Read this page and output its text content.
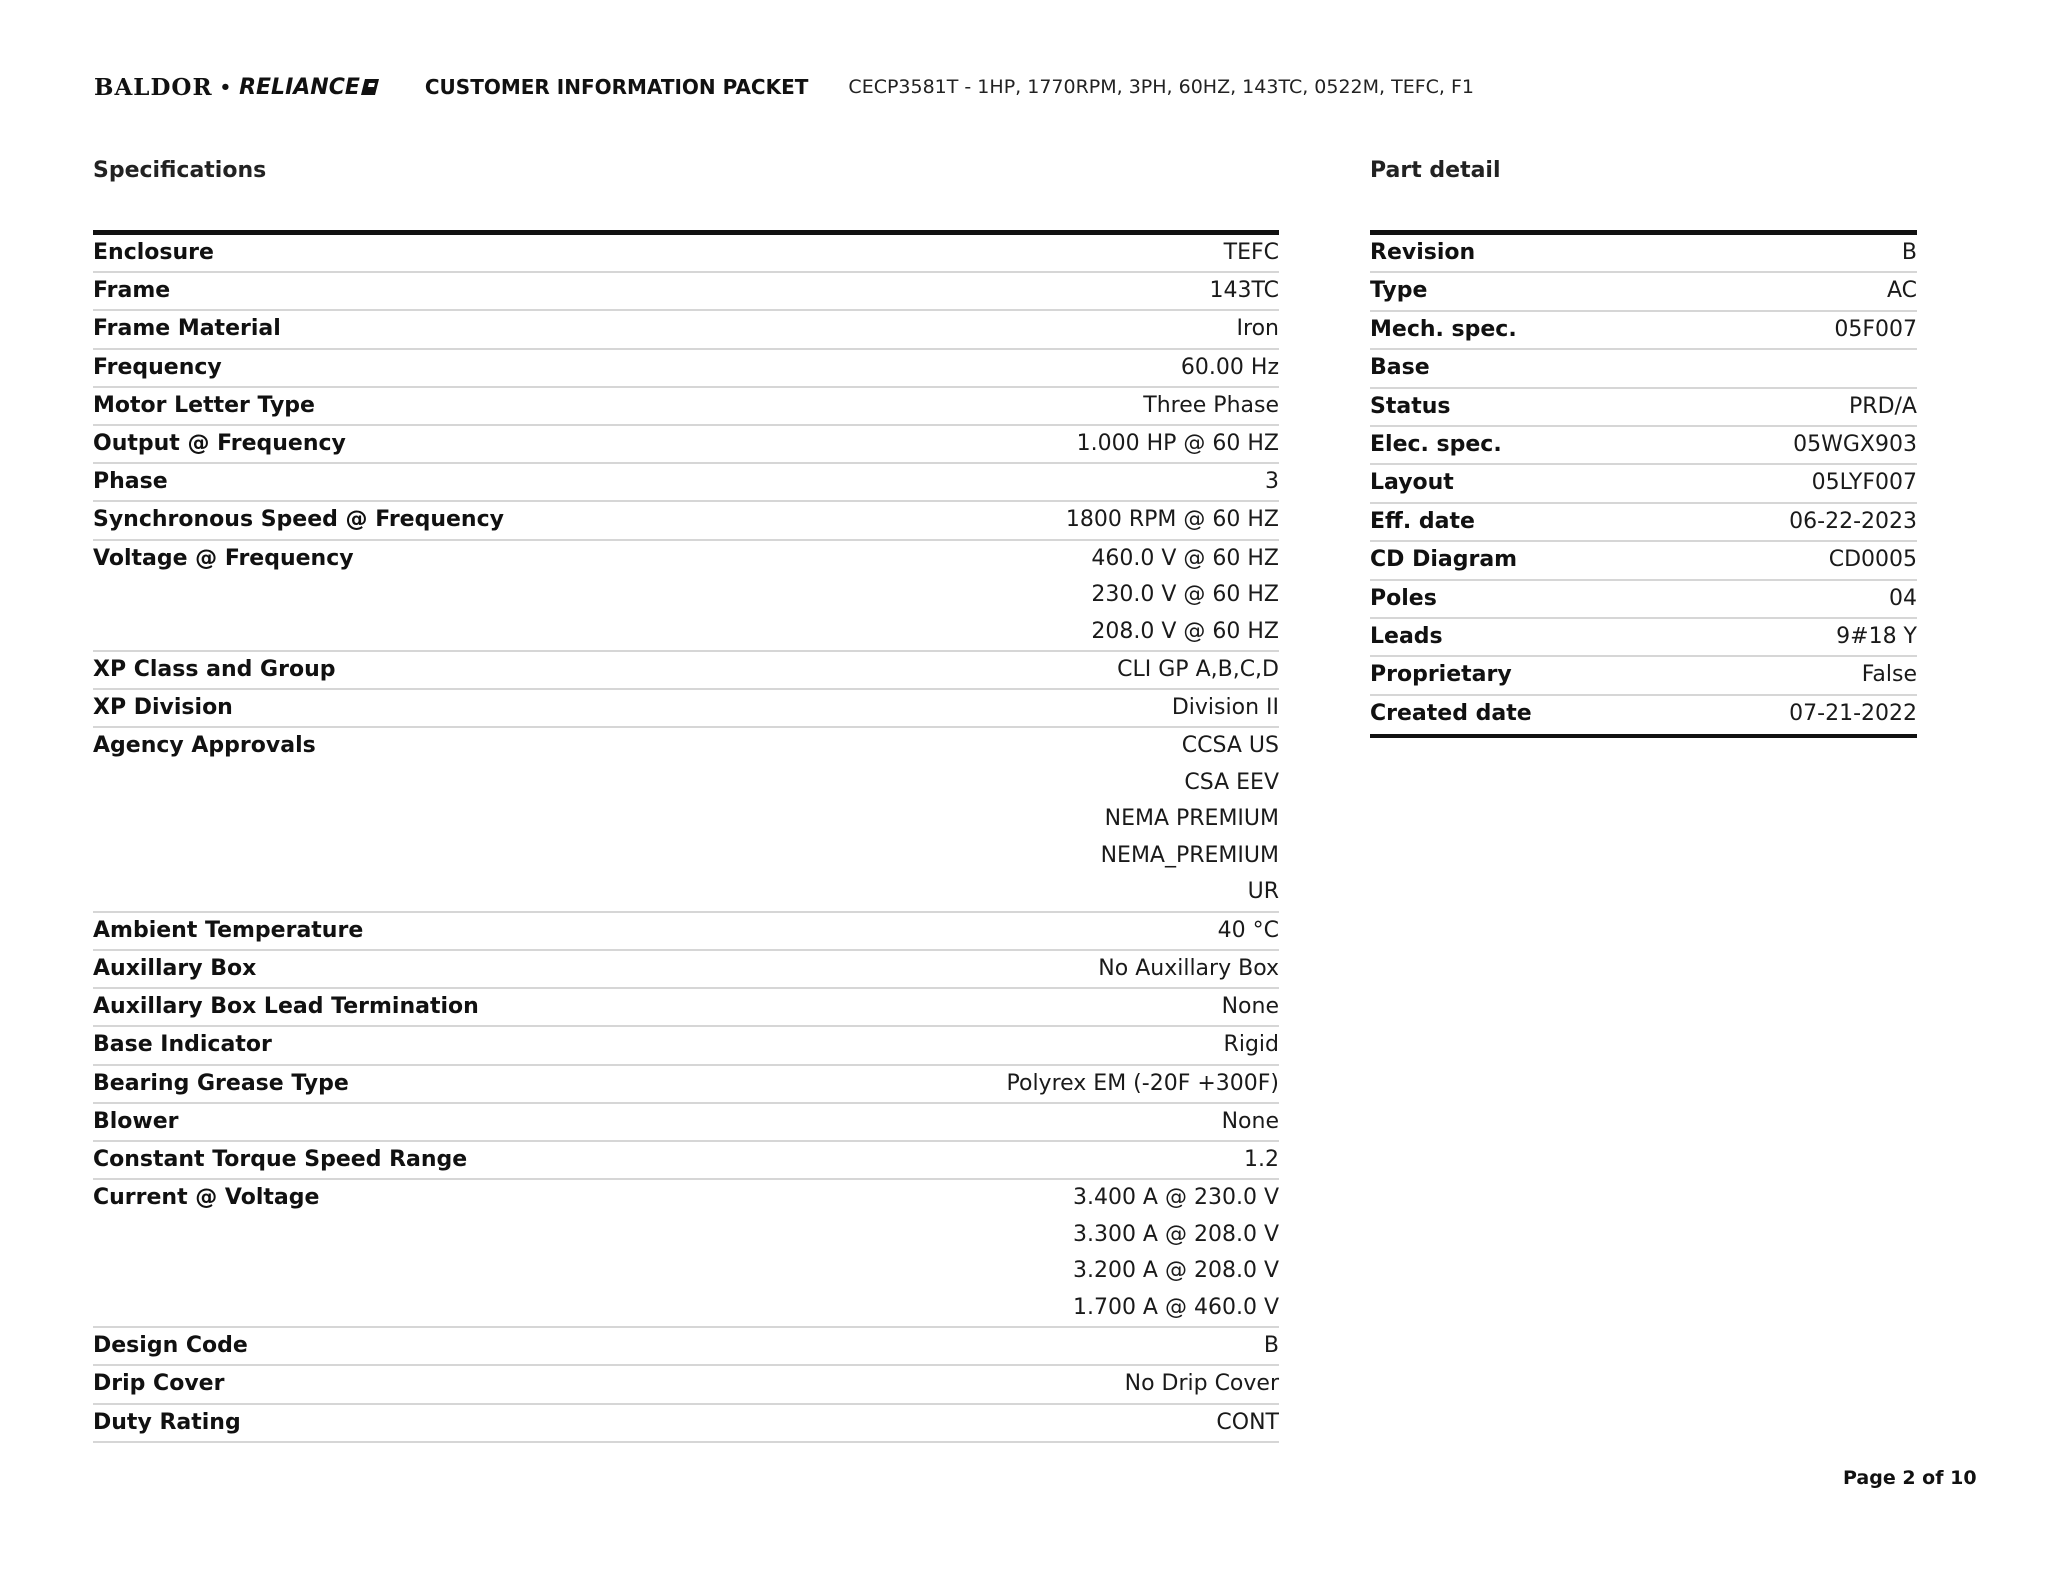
BALDOR • RELIANCE	CUSTOMER INFORMATION PACKET CECP3581T - 1HP, 1770RPM, 3PH, 60HZ, 143TC, 0522M, TEFC, F1
Specifications
Enclosure	TEFC
Frame	143TC
Frame Material	Iron
Frequency	60.00 Hz
Motor Letter Type	Three Phase
Output @ Frequency	1.000 HP @ 60 HZ
Phase	3
Synchronous Speed @ Frequency	1800 RPM @ 60 HZ
Voltage @ Frequency	460.0 V @ 60 HZ
230.0 V @ 60 HZ
208.0 V @ 60 HZ
XP Class and Group	CLI GP A,B,C,D
XP Division	Division II
Agency Approvals	CCSA US
CSA EEV
NEMA PREMIUM
NEMA_PREMIUM
UR
Ambient Temperature	40 °C
Auxillary Box	No Auxillary Box
Auxillary Box Lead Termination	None
Base Indicator	Rigid
Bearing Grease Type	Polyrex EM (-20F +300F)
Blower	None
Constant Torque Speed Range	1.2
Current @ Voltage	3.400 A @ 230.0 V
3.300 A @ 208.0 V
3.200 A @ 208.0 V
1.700 A @ 460.0 V
Design Code	B
Drip Cover	No Drip Cover
Duty Rating	CONT
Part detail
Revision	B
Type	AC
Mech. spec.	05F007
Base
Status	PRD/A
Elec. spec.	05WGX903
Layout	05LYF007
Eff. date	06-22-2023
CD Diagram	CD0005
Poles	04
Leads	9#18 Y
Proprietary	False
Created date	07-21-2022
Page 2 of 10
